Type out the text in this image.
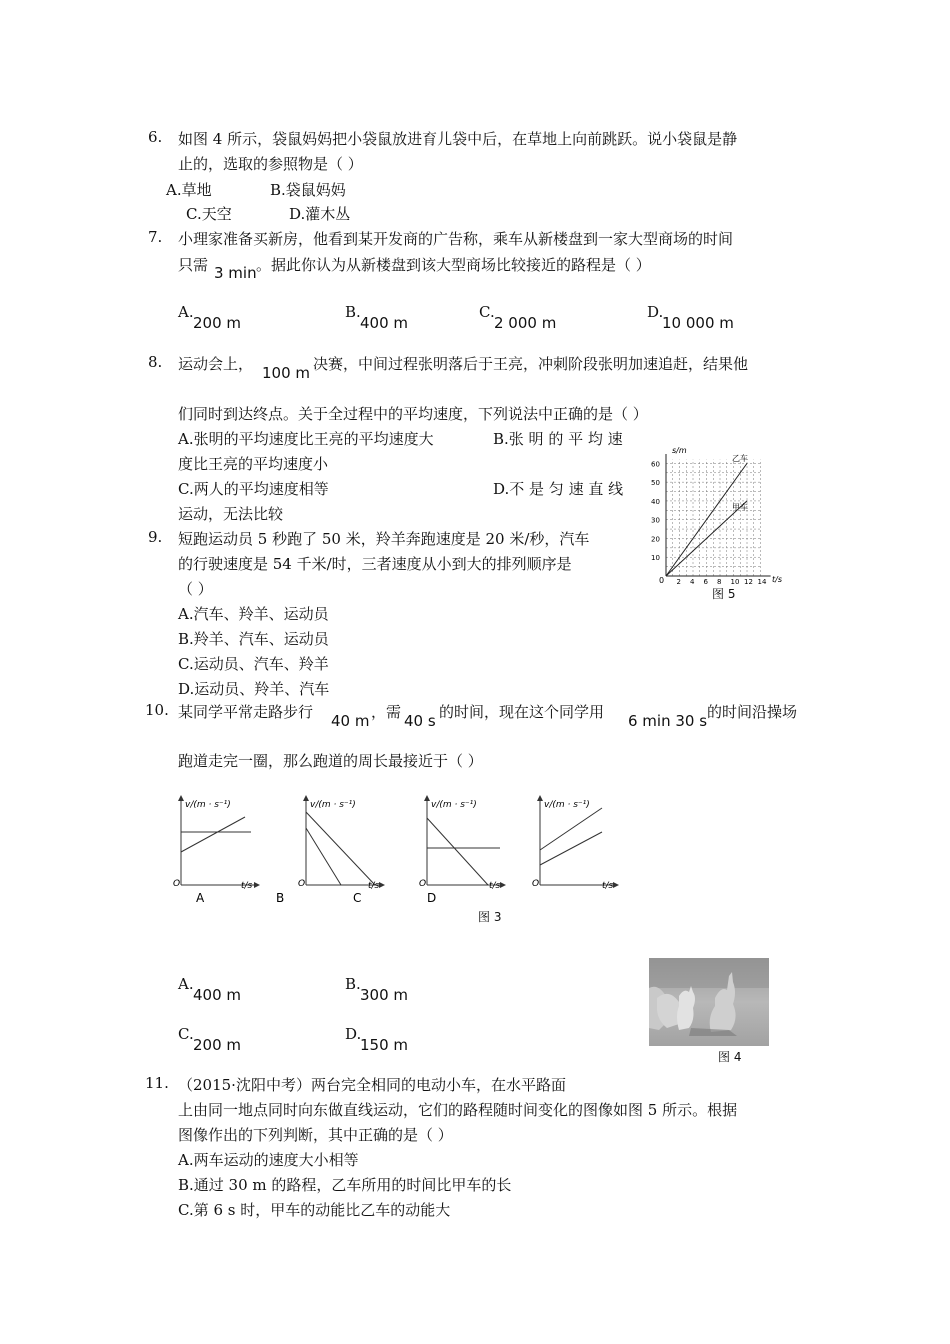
6. 如图 4 所示，袋鼠妈妈把小袋鼠放进育儿袋中后，在草地上向前跳跃。说小袋鼠是静
止的，选取的参照物是（ ）
A.草地	B.袋鼠妈妈
C.天空	D.灌木丛
7. 小理家准备买新房，他看到某开发商的广告称，乘车从新楼盘到一家大型商场的时间
只需 3 min 。据此你认为从新楼盘到该大型商场比较接近的路程是（ ）
A.
200 m
B.
400 m
C.
2 000 m
D.
10 000 m
8. 运动会上， 100 m 决赛，中间过程张明落后于王亮，冲刺阶段张明加速追赶，结果他
们同时到达终点。关于全过程中的平均速度，下列说法中正确的是（ ）
A.张明的平均速度比王亮的平均速度大	B.张 明 的 平 均 速
度比王亮的平均速度小
C.两人的平均速度相等	D.不 是 匀 速 直 线
运动，无法比较
9. 短跑运动员 5 秒跑了 50 米，羚羊奔跑速度是 20 米/秒，汽车
的行驶速度是 54 千米/时，三者速度从小到大的排列顺序是
（ ）
A.汽车、羚羊、运动员
B.羚羊、汽车、运动员
C.运动员、汽车、羚羊
D.运动员、羚羊、汽车
2 4 6 8 10 12 14
10
20
30
40
50
60
s/m
t/s
0
乙车
甲车
图 5
10. 某同学平常走路步行 40 m ，需 40 s 的时间，现在这个同学用 6 min 30 s 的时间沿操场
跑道走完一圈，那么跑道的周长最接近于（ ）
v/(m · s⁻¹)
t/s
O
v/(m · s⁻¹)
t/s
O
v/(m · s⁻¹)
t/s
O
v/(m · s⁻¹)
t/s
O
A	B	C	D
图 3
A.
400 m
B.
300 m
C.
200 m
D.
150 m
图 4
11. （2015·沈阳中考）两台完全相同的电动小车，在水平路面
上由同一地点同时向东做直线运动，它们的路程随时间变化的图像如图 5 所示。根据
图像作出的下列判断，其中正确的是（ ）
A.两车运动的速度大小相等
B.通过 30 m 的路程，乙车所用的时间比甲车的长
C.第 6 s 时，甲车的动能比乙车的动能大
